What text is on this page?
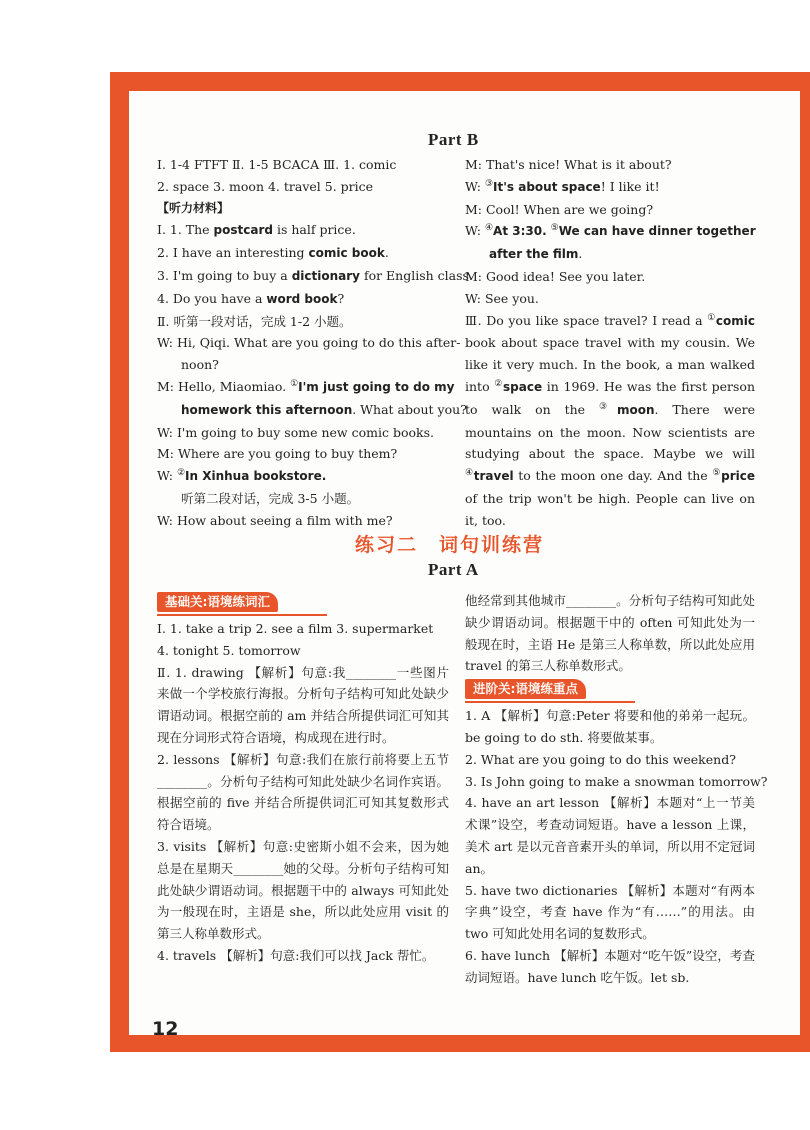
Part B
Ⅰ. 1-4 FTFT Ⅱ. 1-5 BCACA Ⅲ. 1. comic
2. space 3. moon 4. travel 5. price
【听力材料】
Ⅰ. 1. The postcard is half price.
2. I have an interesting comic book.
3. I'm going to buy a dictionary for English class.
4. Do you have a word book?
Ⅱ. 听第一段对话，完成 1-2 小题。
W: Hi, Qiqi. What are you going to do this after-
noon?
M: Hello, Miaomiao. ①I'm just going to do my
homework this afternoon. What about you?
W: I'm going to buy some new comic books.
M: Where are you going to buy them?
W: ②In Xinhua bookstore.
听第二段对话，完成 3-5 小题。
W: How about seeing a film with me?
M: That's nice! What is it about?
W: ③It's about space! I like it!
M: Cool! When are we going?
W: ④At 3:30. ⑤We can have dinner together
after the film.
M: Good idea! See you later.
W: See you.
Ⅲ. Do you like space travel? I read a ①comic book about space travel with my cousin. We like it very much. In the book, a man walked into ②space in 1969. He was the first person to walk on the ③moon. There were mountains on the moon. Now scientists are studying about the space. Maybe we will ④travel to the moon one day. And the ⑤price of the trip won't be high. People can live on it, too.
练习二　词句训练营
Part A
基础关:语境练词汇
Ⅰ. 1. take a trip 2. see a film 3. supermarket
4. tonight 5. tomorrow
Ⅱ. 1. drawing 【解析】句意:我________一些图片来做一个学校旅行海报。分析句子结构可知此处缺少谓语动词。根据空前的 am 并结合所提供词汇可知其现在分词形式符合语境，构成现在进行时。
2. lessons 【解析】句意:我们在旅行前将要上五节________。分析句子结构可知此处缺少名词作宾语。根据空前的 five 并结合所提供词汇可知其复数形式符合语境。
3. visits 【解析】句意:史密斯小姐不会来，因为她总是在星期天________她的父母。分析句子结构可知此处缺少谓语动词。根据题干中的 always 可知此处为一般现在时，主语是 she，所以此处应用 visit 的第三人称单数形式。
4. travels 【解析】句意:我们可以找 Jack 帮忙。
他经常到其他城市________。分析句子结构可知此处缺少谓语动词。根据题干中的 often 可知此处为一般现在时，主语 He 是第三人称单数，所以此处应用 travel 的第三人称单数形式。
进阶关:语境练重点
1. A 【解析】句意:Peter 将要和他的弟弟一起玩。be going to do sth. 将要做某事。
2. What are you going to do this weekend?
3. Is John going to make a snowman tomorrow?
4. have an art lesson 【解析】本题对“上一节美术课”设空，考查动词短语。have a lesson 上课，美术 art 是以元音音素开头的单词，所以用不定冠词 an。
5. have two dictionaries 【解析】本题对“有两本字典”设空，考查 have 作为“有……”的用法。由 two 可知此处用名词的复数形式。
6. have lunch 【解析】本题对“吃午饭”设空，考查动词短语。have lunch 吃午饭。let sb.
12
